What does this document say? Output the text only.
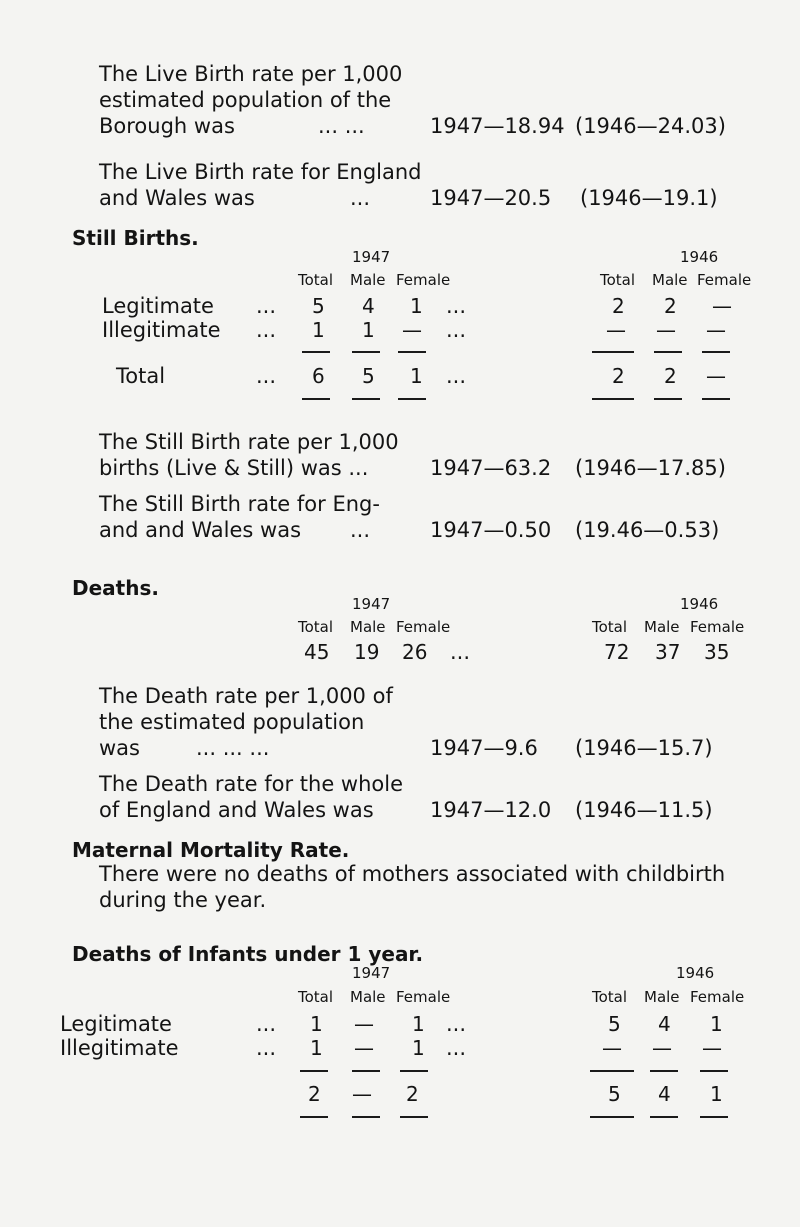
The Live Birth rate per 1,000
estimated population of the
Borough was	... ...	1947—18.94 (1946—24.03)
The Live Birth rate for England
and Wales was	...	1947—20.5 (1946—19.1)
Still Births.
1947	1946
Total Male Female	Total Male Female
Legitimate ... 5 4 1 ...	2 2 —
Illegitimate ... 1 1 — ...	— — —
Total	... 6 5 1 ...	2 2 —
The Still Birth rate per 1,000
births (Live & Still) was ...	1947—63.2 (1946—17.85)
The Still Birth rate for Eng-
and and Wales was ...	1947—0.50 (19.46—0.53)
Deaths.
1947	1946
Total Male Female	Total Male Female
45 19 26 ...	72 37 35
The Death rate per 1,000 of
the estimated population
was	... ... ...	1947—9.6 (1946—15.7)
The Death rate for the whole
of England and Wales was	1947—12.0 (1946—11.5)
Maternal Mortality Rate.
There were no deaths of mothers associated with childbirth
during the year.
Deaths of Infants under 1 year.
1947	1946
Total Male Female	Total Male Female
Legitimate	... 1 — 1 ...	5 4 1
Illegitimate	... 1 — 1 ...	— — —
2 — 2	5 4 1
